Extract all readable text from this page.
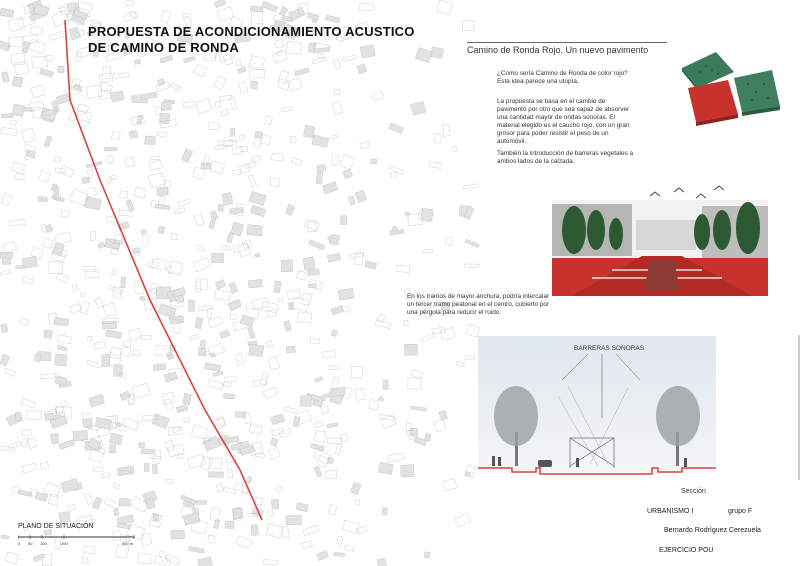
PROPUESTA DE ACONDICIONAMIENTO ACUSTICO DE CAMINO DE RONDA	Camino de Ronda Rojo. Un nuevo pavimento
¿Cómo sería Camino de Ronda de color rojo? Esta idea parece una utopía.
La propuesta se basa en el cambio de pavimento por otro que sea capaz de absorver una cantidad mayor de ondas sonoras. El material elegido es el caucho rojo, con un gran grosor para poder resistir el peso de un automóvil.
También la introducción de barreras vegetales a ambos lados de la calzada.
En los tramos de mayor anchura, podría intercalar un tercer tramo peatonal en el centro, cubierto por una pérgola para reducir el ruido.
BARRERAS SONORAS
Sección
URBANISMO I	grupo F
Bernardo Rodríguez Cerezuela
EJERCICIO POU
PLANO DE SITUACIÓN
0 50 100	200	500 m.
